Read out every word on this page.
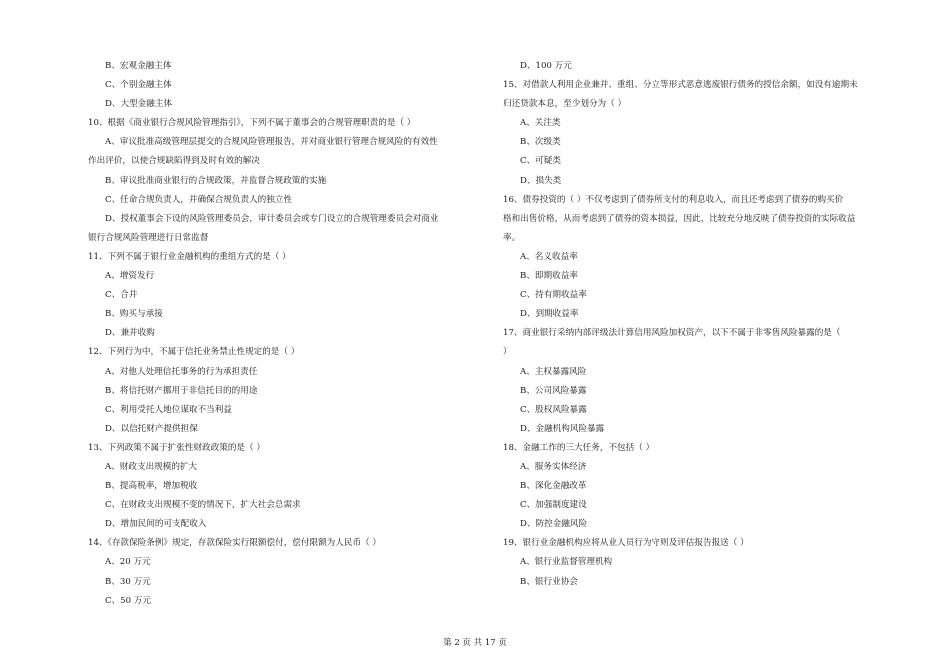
B、宏观金融主体
C、个别金融主体
D、大型金融主体
10、根据《商业银行合规风险管理指引》，下列不属于董事会的合规管理职责的是（ ）
A、审议批准高级管理层提交的合规风险管理报告，并对商业银行管理合规风险的有效性
作出评价，以使合规缺陷得到及时有效的解决
B、审议批准商业银行的合规政策，并监督合规政策的实施
C、任命合规负责人，并确保合规负责人的独立性
D、授权董事会下设的风险管理委员会，审计委员会或专门设立的合规管理委员会对商业
银行合规风险管理进行日常监督
11、下列不属于银行业金融机构的重组方式的是（ ）
A、增资发行
C、合并
B、购买与承接
D、兼并收购
12、下列行为中，不属于信托业务禁止性规定的是（ ）
A、对他人处理信托事务的行为承担责任
B、将信托财产挪用于非信托目的的用途
C、利用受托人地位谋取不当利益
D、以信托财产提供担保
13、下列政策不属于扩张性财政政策的是（ ）
A、财政支出规模的扩大
B、提高税率，增加税收
C、在财政支出规模不变的情况下，扩大社会总需求
D、增加民间的可支配收入
14、《存款保险条例》规定，存款保险实行限额偿付，偿付限额为人民币（ ）
A、20 万元
B、30 万元
C、50 万元
D、100 万元
15、对借款人利用企业兼并、重组、分立等形式恶意逃废银行债务的授信余额，如没有逾期未
归还贷款本息，至少划分为（ ）
A、关注类
B、次级类
C、可疑类
D、损失类
16、债券投资的（ ）不仅考虑到了债券所支付的利息收入，而且还考虑到了债券的购买价
格和出售价格，从而考虑到了债券的资本损益，因此，比较充分地反映了债券投资的实际收益
率。
A、名义收益率
B、即期收益率
C、持有期收益率
D、到期收益率
17、商业银行采纳内部评级法计算信用风险加权资产，以下不属于非零售风险暴露的是（
）
A、主权暴露风险
B、公司风险暴露
C、股权风险暴露
D、金融机构风险暴露
18、金融工作的三大任务，不包括（ ）
A、服务实体经济
B、深化金融改革
C、加强制度建设
D、防控金融风险
19、银行业金融机构应将从业人员行为守则及评估报告报送（ ）
A、银行业监督管理机构
B、银行业协会
第 2 页 共 17 页
